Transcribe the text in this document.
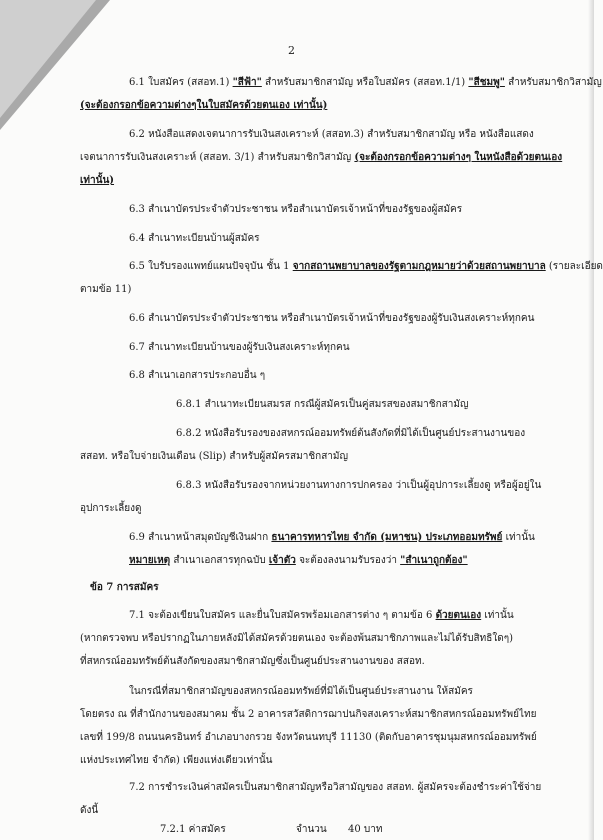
2
6.1 ใบสมัคร (สสอท.1) "สีฟ้า" สำหรับสมาชิกสามัญ หรือใบสมัคร (สสอท.1/1) "สีชมพู" สำหรับสมาชิกวิสามัญ
(จะต้องกรอกข้อความต่างๆในใบสมัครด้วยตนเอง เท่านั้น)
6.2 หนังสือแสดงเจตนาการรับเงินสงเคราะห์ (สสอท.3) สำหรับสมาชิกสามัญ หรือ หนังสือแสดง
เจตนาการรับเงินสงเคราะห์ (สสอท. 3/1) สำหรับสมาชิกวิสามัญ (จะต้องกรอกข้อความต่างๆ ในหนังสือด้วยตนเอง
เท่านั้น)
6.3 สำเนาบัตรประจำตัวประชาชน หรือสำเนาบัตรเจ้าหน้าที่ของรัฐของผู้สมัคร
6.4 สำเนาทะเบียนบ้านผู้สมัคร
6.5 ใบรับรองแพทย์แผนปัจจุบัน ชั้น 1 จากสถานพยาบาลของรัฐตามกฎหมายว่าด้วยสถานพยาบาล (รายละเอียด
ตามข้อ 11)
6.6 สำเนาบัตรประจำตัวประชาชน หรือสำเนาบัตรเจ้าหน้าที่ของรัฐของผู้รับเงินสงเคราะห์ทุกคน
6.7 สำเนาทะเบียนบ้านของผู้รับเงินสงเคราะห์ทุกคน
6.8 สำเนาเอกสารประกอบอื่น ๆ
6.8.1 สำเนาทะเบียนสมรส กรณีผู้สมัครเป็นคู่สมรสของสมาชิกสามัญ
6.8.2 หนังสือรับรองของสหกรณ์ออมทรัพย์ต้นสังกัดที่มิได้เป็นศูนย์ประสานงานของ
สสอท. หรือใบจ่ายเงินเดือน (Slip) สำหรับผู้สมัครสมาชิกสามัญ
6.8.3 หนังสือรับรองจากหน่วยงานทางการปกครอง ว่าเป็นผู้อุปการะเลี้ยงดู หรือผู้อยู่ใน
อุปการะเลี้ยงดู
6.9 สำเนาหน้าสมุดบัญชีเงินฝาก ธนาคารทหารไทย จำกัด (มหาชน) ประเภทออมทรัพย์ เท่านั้น
หมายเหตุ สำเนาเอกสารทุกฉบับ เจ้าตัว จะต้องลงนามรับรองว่า "สำเนาถูกต้อง"
ข้อ 7 การสมัคร
7.1 จะต้องเขียนใบสมัคร และยื่นใบสมัครพร้อมเอกสารต่าง ๆ ตามข้อ 6 ด้วยตนเอง เท่านั้น
(หากตรวจพบ หรือปรากฏในภายหลังมิได้สมัครด้วยตนเอง จะต้องพ้นสมาชิกภาพและไม่ได้รับสิทธิใดๆ)
ที่สหกรณ์ออมทรัพย์ต้นสังกัดของสมาชิกสามัญซึ่งเป็นศูนย์ประสานงานของ สสอท.
ในกรณีที่สมาชิกสามัญของสหกรณ์ออมทรัพย์ที่มิได้เป็นศูนย์ประสานงาน ให้สมัคร
โดยตรง ณ ที่สำนักงานของสมาคม ชั้น 2 อาคารสวัสดิการฌาปนกิจสงเคราะห์สมาชิกสหกรณ์ออมทรัพย์ไทย
เลขที่ 199/8 ถนนนครอินทร์ อำเภอบางกรวย จังหวัดนนทบุรี 11130 (ติดกับอาคารชุมนุมสหกรณ์ออมทรัพย์
แห่งประเทศไทย จำกัด) เพียงแห่งเดียวเท่านั้น
7.2 การชำระเงินค่าสมัครเป็นสมาชิกสามัญหรือวิสามัญของ สสอท. ผู้สมัครจะต้องชำระค่าใช้จ่าย
ดังนี้
7.2.1 ค่าสมัคร	จำนวน 40 บาท
